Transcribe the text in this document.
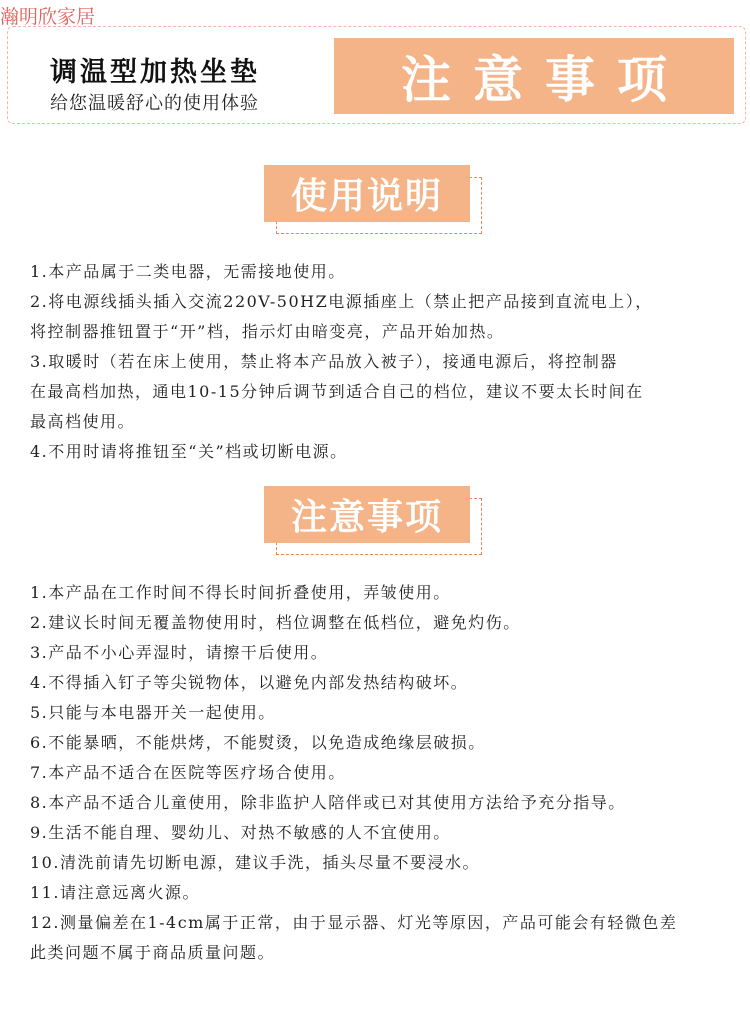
瀚明欣家居
调温型加热坐垫
给您温暖舒心的使用体验	注意事项
使用说明
1.本产品属于二类电器，无需接地使用。
2.将电源线插头插入交流220V-50HZ电源插座上（禁止把产品接到直流电上），
将控制器推钮置于“开”档，指示灯由暗变亮，产品开始加热。
3.取暖时（若在床上使用，禁止将本产品放入被子），接通电源后，将控制器
在最高档加热，通电10-15分钟后调节到适合自己的档位，建议不要太长时间在
最高档使用。
4.不用时请将推钮至“关”档或切断电源。
注意事项
1.本产品在工作时间不得长时间折叠使用，弄皱使用。
2.建议长时间无覆盖物使用时，档位调整在低档位，避免灼伤。
3.产品不小心弄湿时，请擦干后使用。
4.不得插入钉子等尖锐物体，以避免内部发热结构破坏。
5.只能与本电器开关一起使用。
6.不能暴晒，不能烘烤，不能熨烫，以免造成绝缘层破损。
7.本产品不适合在医院等医疗场合使用。
8.本产品不适合儿童使用，除非监护人陪伴或已对其使用方法给予充分指导。
9.生活不能自理、婴幼儿、对热不敏感的人不宜使用。
10.清洗前请先切断电源，建议手洗，插头尽量不要浸水。
11.请注意远离火源。
12.测量偏差在1-4cm属于正常，由于显示器、灯光等原因，产品可能会有轻微色差
此类问题不属于商品质量问题。
